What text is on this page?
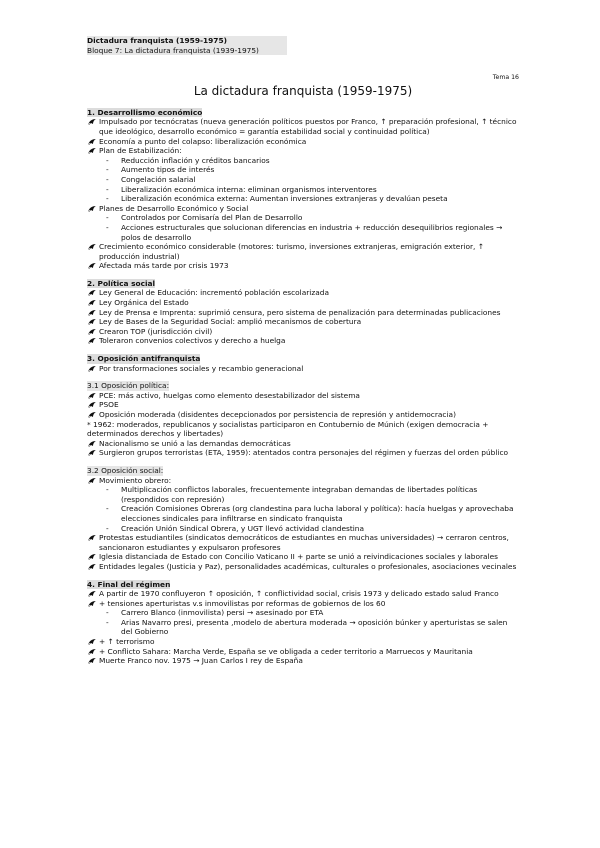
Dictadura franquista (1959-1975)
Bloque 7: La dictadura franquista (1939-1975)
Tema 16
La dictadura franquista (1959-1975)
1. Desarrollismo económico
Impulsado por tecnócratas (nueva generación políticos puestos por Franco, ↑ preparación profesional, ↑ técnico que ideológico, desarrollo económico = garantía estabilidad social y continuidad política)
Economía a punto del colapso: liberalización económica
Plan de Estabilización:
- Reducción inflación y créditos bancarios
- Aumento tipos de interés
- Congelación salarial
- Liberalización económica interna: eliminan organismos interventores
- Liberalización económica externa: Aumentan inversiones extranjeras y devalúan peseta
Planes de Desarrollo Económico y Social
- Controlados por Comisaría del Plan de Desarrollo
- Acciones estructurales que solucionan diferencias en industria + reducción desequilibrios regionales → polos de desarrollo
Crecimiento económico considerable (motores: turismo, inversiones extranjeras, emigración exterior, ↑ producción industrial)
Afectada más tarde por crisis 1973
2. Política social
Ley General de Educación: incrementó población escolarizada
Ley Orgánica del Estado
Ley de Prensa e Imprenta: suprimió censura, pero sistema de penalización para determinadas publicaciones
Ley de Bases de la Seguridad Social: amplió mecanismos de cobertura
Crearon TOP (jurisdicción civil)
Toleraron convenios colectivos y derecho a huelga
3. Oposición antifranquista
Por transformaciones sociales y recambio generacional
3.1 Oposición política:
PCE: más activo, huelgas como elemento desestabilizador del sistema
PSOE
Oposición moderada (disidentes decepcionados por persistencia de represión y antidemocracia)
* 1962: moderados, republicanos y socialistas participaron en Contubernio de Múnich (exigen democracia + determinados derechos y libertades)
Nacionalismo se unió a las demandas democráticas
Surgieron grupos terroristas (ETA, 1959): atentados contra personajes del régimen y fuerzas del orden público
3.2 Oposición social:
Movimiento obrero:
- Multiplicación conflictos laborales, frecuentemente integraban demandas de libertades políticas (respondidos con represión)
- Creación Comisiones Obreras (org clandestina para lucha laboral y política): hacía huelgas y aprovechaba elecciones sindicales para infiltrarse en sindicato franquista
- Creación Unión Sindical Obrera, y UGT llevó actividad clandestina
Protestas estudiantiles (sindicatos democráticos de estudiantes en muchas universidades) → cerraron centros, sancionaron estudiantes y expulsaron profesores
Iglesia distanciada de Estado con Concilio Vaticano II + parte se unió a reivindicaciones sociales y laborales
Entidades legales (Justicia y Paz), personalidades académicas, culturales o profesionales, asociaciones vecinales
4. Final del régimen
A partir de 1970 confluyeron ↑ oposición, ↑ conflictividad social, crisis 1973 y delicado estado salud Franco
+ tensiones aperturistas v.s inmovilistas por reformas de gobiernos de los 60
- Carrero Blanco (inmovilista) persi → asesinado por ETA
- Arias Navarro presi, presenta ,modelo de abertura moderada → oposición búnker y aperturistas se salen del Gobierno
+ ↑ terrorismo
+ Conflicto Sahara: Marcha Verde, España se ve obligada a ceder territorio a Marruecos y Mauritania
Muerte Franco nov. 1975 → Juan Carlos I rey de España
